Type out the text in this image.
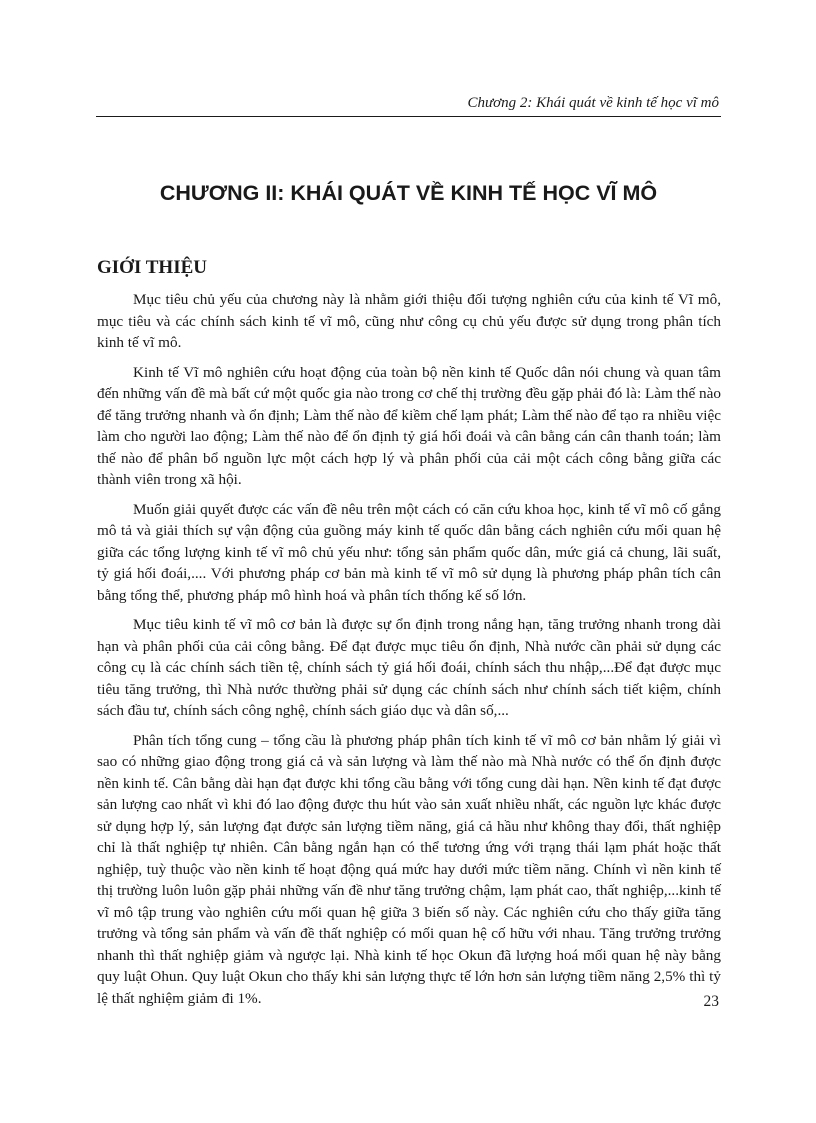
Chương 2: Khái quát về kinh tế học vĩ mô
CHƯƠNG II: KHÁI QUÁT VỀ KINH TẾ HỌC VĨ MÔ
GIỚI THIỆU

Mục tiêu chủ yếu của chương này là nhằm giới thiệu đối tượng nghiên cứu của kinh tế Vĩ mô, mục tiêu và các chính sách kinh tế vĩ mô, cũng như công cụ chủ yếu được sử dụng trong phân tích kinh tế vĩ mô.

Kinh tế Vĩ mô nghiên cứu hoạt động của toàn bộ nền kinh tế Quốc dân nói chung và quan tâm đến những vấn đề mà bất cứ một quốc gia nào trong cơ chế thị trường đều gặp phải đó là: Làm thế nào để tăng trưởng nhanh và ổn định; Làm thế nào để kiềm chế lạm phát; Làm thế nào để tạo ra nhiều việc làm cho người lao động; Làm thế nào để ổn định tỷ giá hối đoái và cân bằng cán cân thanh toán; làm thế nào để phân bổ nguồn lực một cách hợp lý và phân phối của cải một cách công bằng giữa các thành viên trong xã hội.

Muốn giải quyết được các vấn đề nêu trên một cách có căn cứu khoa học, kinh tế vĩ mô cố gắng mô tả và giải thích sự vận động của guồng máy kinh tế quốc dân bằng cách nghiên cứu mối quan hệ giữa các tổng lượng kinh tế vĩ mô chủ yếu như: tổng sản phẩm quốc dân, mức giá cả chung, lãi suất, tỷ giá hối đoái,.... Với phương pháp cơ bản mà kinh tế vĩ mô sử dụng là phương pháp phân tích cân bằng tổng thể, phương pháp mô hình hoá và phân tích thống kế số lớn.

Mục tiêu kinh tế vĩ mô cơ bản là được sự ổn định trong nắng hạn, tăng trưởng nhanh trong dài hạn và phân phối của cải công bằng. Để đạt được mục tiêu ổn định, Nhà nước cần phải sử dụng các công cụ là các chính sách tiền tệ, chính sách tỷ giá hối đoái, chính sách thu nhập,...Để đạt được mục tiêu tăng trưởng, thì Nhà nước thường phải sử dụng các chính sách như chính sách tiết kiệm, chính sách đầu tư, chính sách công nghệ, chính sách giáo dục và dân số,...

Phân tích tổng cung – tổng cầu là phương pháp phân tích kinh tế vĩ mô cơ bản nhằm lý giải vì sao có những giao động trong giá cả và sản lượng và làm thế nào mà Nhà nước có thể ổn định được nền kinh tế. Cân bằng dài hạn đạt được khi tổng cầu bằng với tổng cung dài hạn. Nền kinh tế đạt được sản lượng cao nhất vì khi đó lao động được thu hút vào sản xuất nhiều nhất, các nguồn lực khác được sử dụng hợp lý, sản lượng đạt được sản lượng tiềm năng, giá cả hầu như không thay đổi, thất nghiệp chỉ là thất nghiệp tự nhiên. Cân bằng ngắn hạn có thể tương ứng với trạng thái lạm phát hoặc thất nghiệp, tuỳ thuộc vào nền kinh tế hoạt động quá mức hay dưới mức tiềm năng. Chính vì nền kinh tế thị trường luôn luôn gặp phải những vấn đề như tăng trưởng chậm, lạm phát cao, thất nghiệp,...kinh tế vĩ mô tập trung vào nghiên cứu mối quan hệ giữa 3 biến số này. Các nghiên cứu cho thấy giữa tăng trưởng và tổng sản phẩm và vấn đề thất nghiệp có mối quan hệ cố hữu với nhau. Tăng trưởng trưởng nhanh thì thất nghiệp giảm và ngược lại. Nhà kinh tế học Okun đã lượng hoá mối quan hệ này bằng quy luật Ohun. Quy luật Okun cho thấy khi sản lượng thực tế lớn hơn sản lượng tiềm năng 2,5% thì tỷ lệ thất nghiệm giảm đi 1%.	23
